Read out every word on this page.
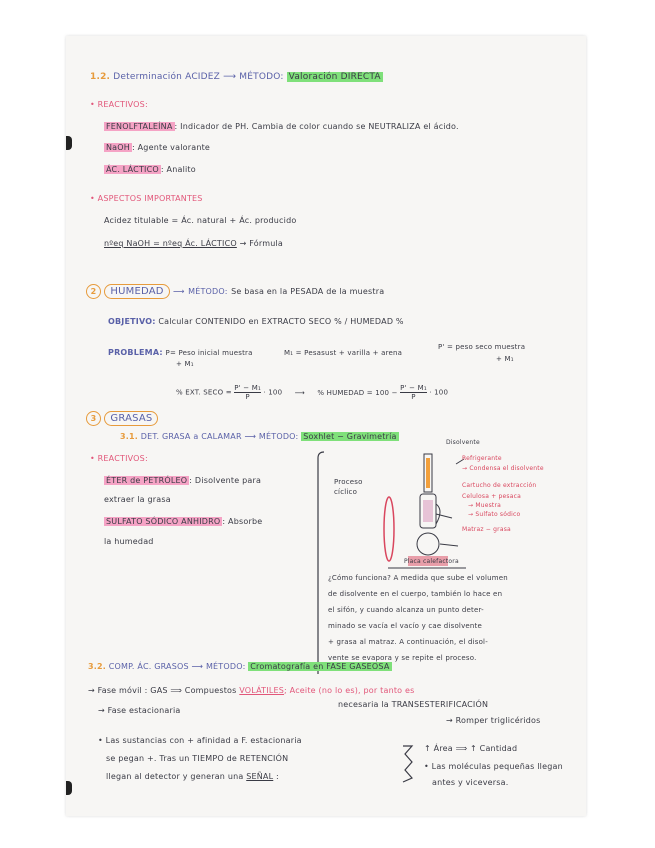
1.2. Determinación ACIDEZ ⟶ MÉTODO: Valoración DIRECTA
• REACTIVOS:
FENOLFTALEÍNA : Indicador de PH. Cambia de color cuando se NEUTRALIZA el ácido.
NaOH : Agente valorante
ÁC. LÁCTICO : Analito
• ASPECTOS IMPORTANTES
Acidez titulable = Ác. natural + Ác. producido
nºeq NaOH = nºeq Ác. LÁCTICO → Fórmula
2 HUMEDAD ⟶ MÉTODO: Se basa en la PESADA de la muestra
OBJETIVO: Calcular CONTENIDO en EXTRACTO SECO % / HUMEDAD %
PROBLEMA: P= Peso inicial muestra
+ M₁
M₁ = Pesasust + varilla + arena
P' = peso seco muestra
+ M₁
% EXT. SECO = $\frac{\text{P' − M₁}}{P} \cdot 100$ ⟶ % HUMEDAD = $100 - \frac{\text{P' − M₁}}{P} \cdot 100$
3 GRASAS
3.1. DET. GRASA a CALAMAR ⟶ MÉTODO: Soxhlet − Gravimetría
• REACTIVOS:
ÉTER de PETRÓLEO : Disolvente para
extraer la grasa
SULFATO SÓDICO ANHIDRO : Absorbe
la humedad
Proceso cíclico
Disolvente
Refrigerante
→ Condensa el disolvente
Cartucho de extracción
Celulosa + pesaca
→ Muestra
→ Sulfato sódico
Matraz − grasa
Placa calefactora
¿Cómo funciona? A medida que sube el volumen
de disolvente en el cuerpo, también lo hace en
el sifón, y cuando alcanza un punto deter-
minado se vacía el vacío y cae disolvente
+ grasa al matraz. A continuación, el disol-
vente se evapora y se repite el proceso.
3.2. COMP. ÁC. GRASOS ⟶ MÉTODO: Cromatografía en FASE GASEOSA
→ Fase móvil : GAS ⟹ Compuestos VOLÁTILES; Aceite (no lo es), por tanto es
necesaria la TRANSESTERIFICACIÓN
→ Fase estacionaria
→ Romper triglicéridos
• Las sustancias con + afinidad a F. estacionaria
se pegan +. Tras un TIEMPO de RETENCIÓN
llegan al detector y generan una SEÑAL :
↑ Área ⟹ ↑ Cantidad
• Las moléculas pequeñas llegan
antes y viceversa.
